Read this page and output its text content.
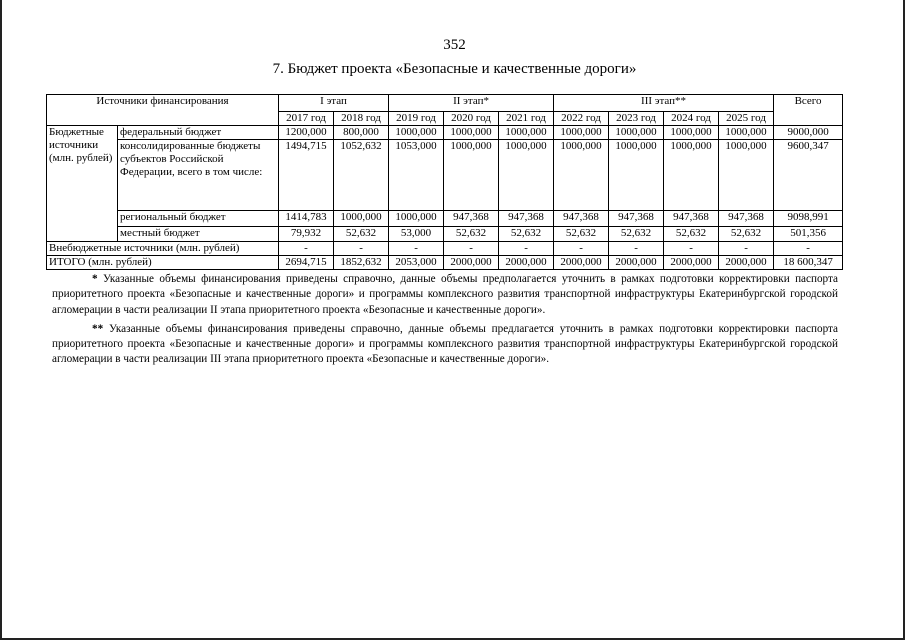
352
7. Бюджет проекта «Безопасные и качественные дороги»
Источники финансирования		I этап		II этап*			III этап**				Всего
		2017 год	2018 год	2019 год	2020 год	2021 год	2022 год	2023 год	2024 год	2025 год	
Бюджетные источники (млн. рублей)	федеральный бюджет	1200,000	800,000	1000,000	1000,000	1000,000	1000,000	1000,000	1000,000	1000,000	9000,000
	консолидированные бюджеты субъектов Российской Федерации, всего в том числе:	1494,715	1052,632	1053,000	1000,000	1000,000	1000,000	1000,000	1000,000	1000,000	9600,347
	региональный бюджет	1414,783	1000,000	1000,000	947,368	947,368	947,368	947,368	947,368	947,368	9098,991
	местный бюджет	79,932	52,632	53,000	52,632	52,632	52,632	52,632	52,632	52,632	501,356
Внебюджетные источники (млн. рублей)		-	-	-	-	-	-	-	-	-	-
ИТОГО (млн. рублей)		2694,715	1852,632	2053,000	2000,000	2000,000	2000,000	2000,000	2000,000	2000,000	18 600,347

* Указанные объемы финансирования приведены справочно, данные объемы предполагается уточнить в рамках подготовки корректировки паспорта приоритетного проекта «Безопасные и качественные дороги» и программы комплексного развития транспортной инфраструктуры Екатеринбургской городской агломерации в части реализации II этапа приоритетного проекта «Безопасные и качественные дороги».

** Указанные объемы финансирования приведены справочно, данные объемы предлагается уточнить в рамках подготовки корректировки паспорта приоритетного проекта «Безопасные и качественные дороги» и программы комплексного развития транспортной инфраструктуры Екатеринбургской городской агломерации в части реализации III этапа приоритетного проекта «Безопасные и качественные дороги».
